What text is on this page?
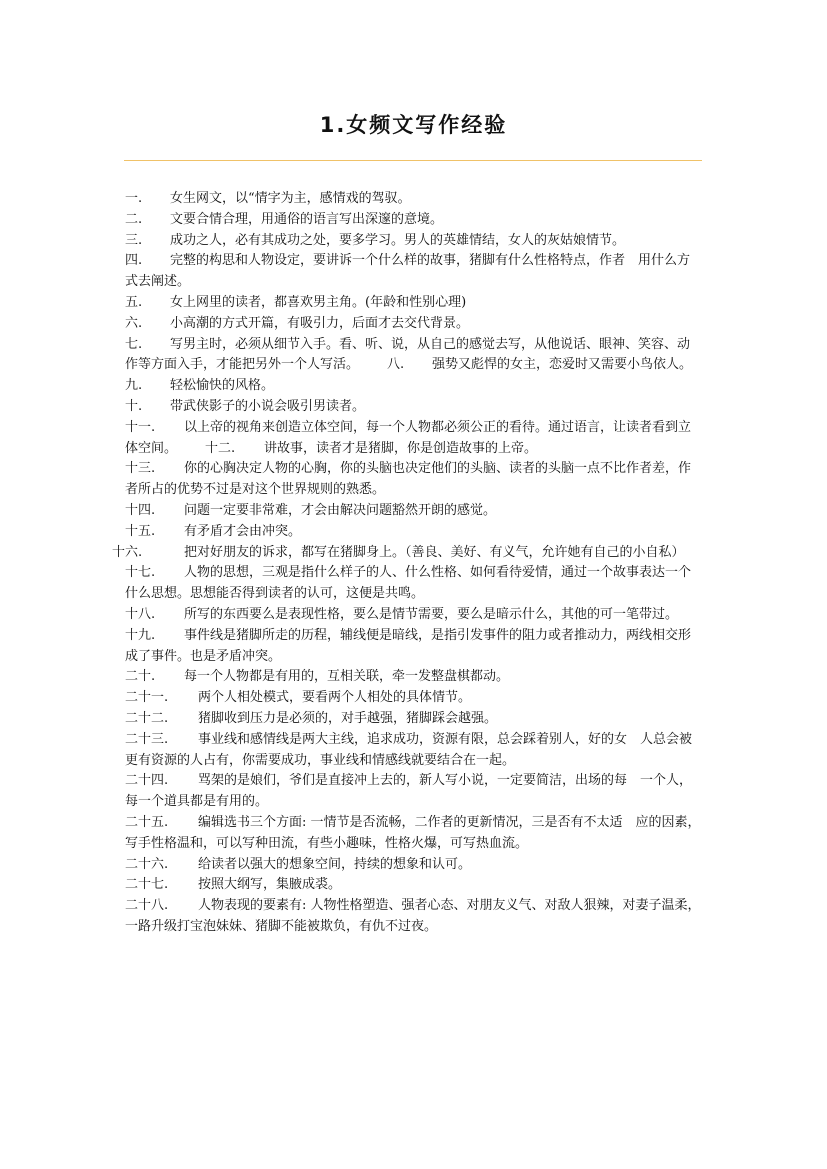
1.女频文写作经验

一. 女生网文，以“情字为主，感情戏的驾驭。

二. 文要合情合理，用通俗的语言写出深邃的意境。

三. 成功之人，必有其成功之处，要多学习。男人的英雄情结，女人的灰姑娘情节。

四. 完整的构思和人物设定，要讲诉一个什么样的故事，猪脚有什么性格特点，作者　用什么方式去阐述。

五. 女上网里的读者，都喜欢男主角。(年龄和性别心理)

六. 小高潮的方式开篇，有吸引力，后面才去交代背景。

七. 写男主时，必须从细节入手。看、听、说，从自己的感觉去写，从他说话、眼神、笑容、动作等方面入手，才能把另外一个人写活。 八. 强势又彪悍的女主，恋爱时又需要小鸟依人。

九. 轻松愉快的风格。

十. 带武侠影子的小说会吸引男读者。

十一. 以上帝的视角来创造立体空间，每一个人物都必须公正的看待。通过语言，让读者看到立体空间。 十二. 讲故事，读者才是猪脚，你是创造故事的上帝。

十三. 你的心胸决定人物的心胸，你的头脑也决定他们的头脑、读者的头脑一点不比作者差，作者所占的优势不过是对这个世界规则的熟悉。

十四. 问题一定要非常难，才会由解决问题豁然开朗的感觉。

十五. 有矛盾才会由冲突。

十六.	把对好朋友的诉求，都写在猪脚身上。（善良、美好、有义气，允许她有自己的小自私）

十七. 人物的思想，三观是指什么样子的人、什么性格、如何看待爱情，通过一个故事表达一个什么思想。思想能否得到读者的认可，这便是共鸣。

十八. 所写的东西要么是表现性格，要么是情节需要，要么是暗示什么，其他的可一笔带过。

十九. 事件线是猪脚所走的历程，辅线便是暗线，是指引发事件的阻力或者推动力，两线相交形成了事件。也是矛盾冲突。

二十. 每一个人物都是有用的，互相关联，牵一发整盘棋都动。

二十一. 两个人相处模式，要看两个人相处的具体情节。

二十二. 猪脚收到压力是必须的，对手越强，猪脚踩会越强。

二十三. 事业线和感情线是两大主线，追求成功，资源有限，总会踩着别人，好的女　人总会被更有资源的人占有，你需要成功，事业线和情感线就要结合在一起。

二十四. 骂架的是娘们，爷们是直接冲上去的，新人写小说，一定要简洁，出场的每　一个人，每一个道具都是有用的。

二十五. 编辑选书三个方面: 一情节是否流畅，二作者的更新情况，三是否有不太适　应的因素，写手性格温和，可以写种田流，有些小趣味，性格火爆，可写热血流。

二十六. 给读者以强大的想象空间，持续的想象和认可。

二十七. 按照大纲写，集腋成裘。

二十八. 人物表现的要素有: 人物性格塑造、强者心态、对朋友义气、对敌人狠辣，对妻子温柔，一路升级打宝泡妹妹、猪脚不能被欺负，有仇不过夜。
